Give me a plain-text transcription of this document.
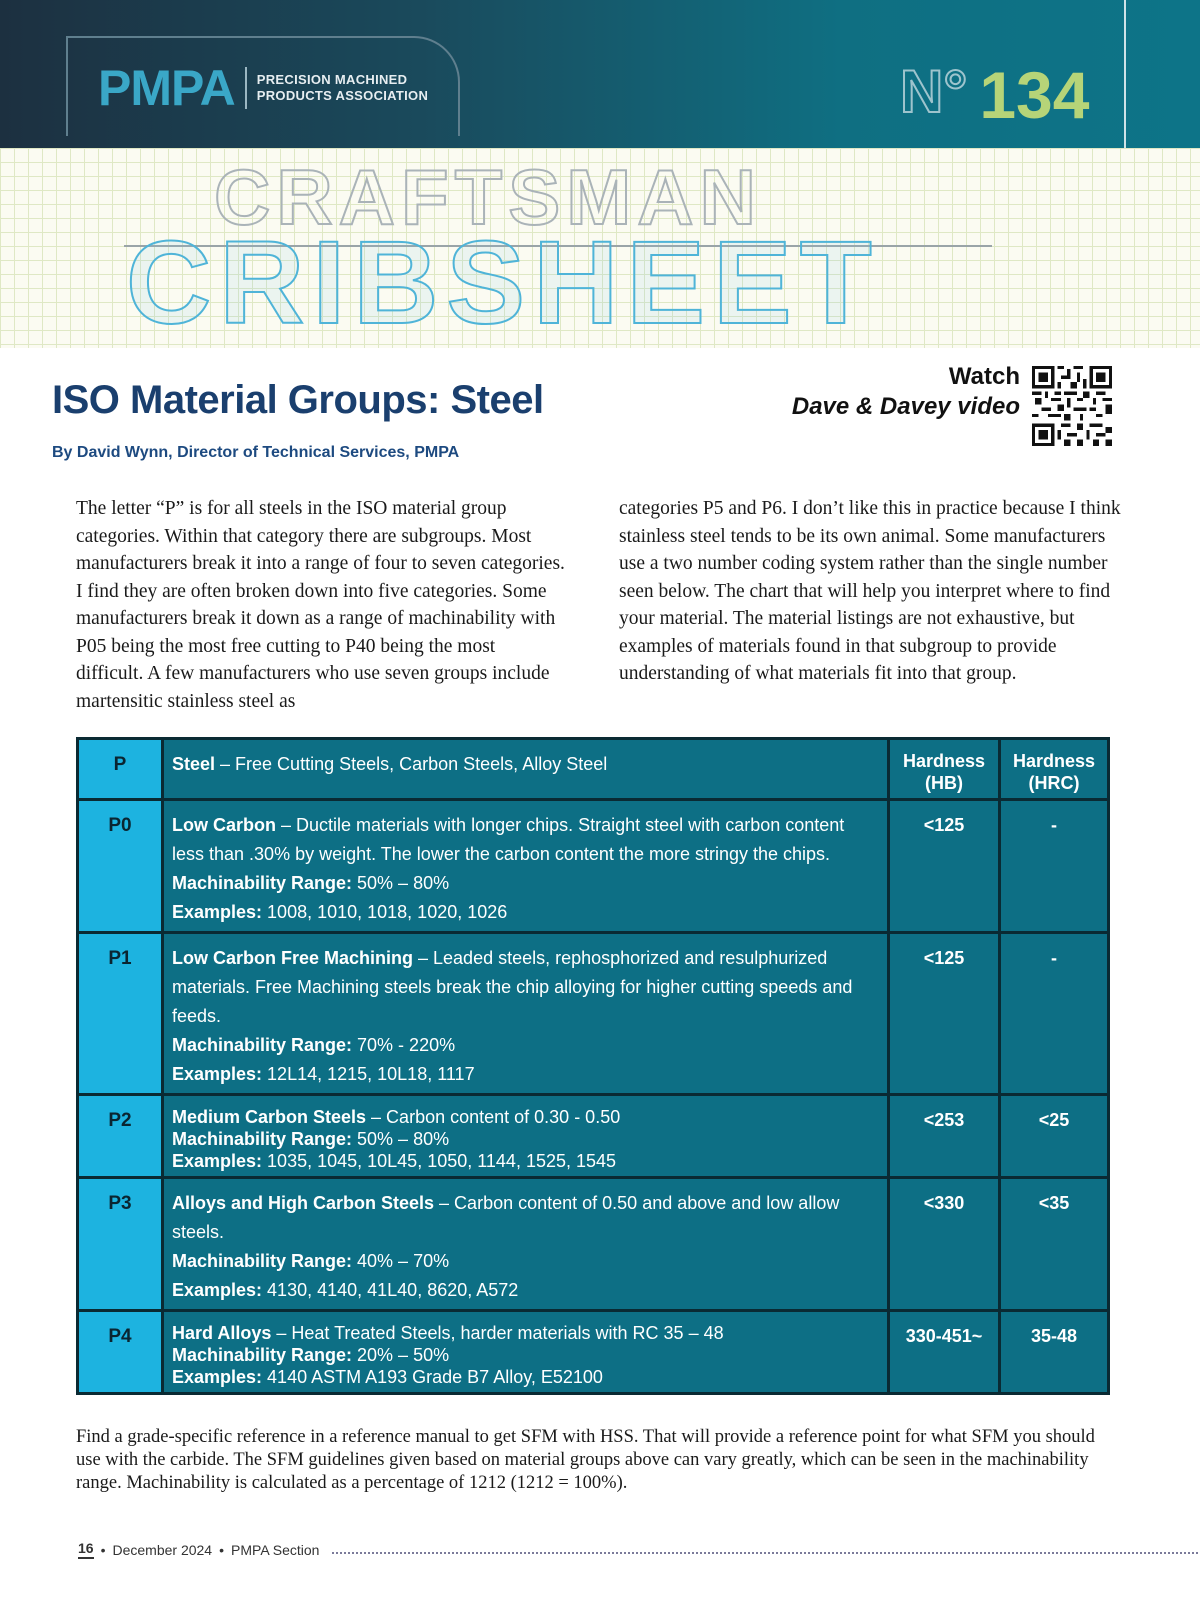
PMPA PRECISION MACHINED
PRODUCTS ASSOCIATION	N° 134
CRAFTSMAN
CRIBSHEET
ISO Material Groups: Steel
By David Wynn, Director of Technical Services, PMPA
Watch
Dave & Davey video
The letter “P” is for all steels in the ISO material group categories. Within that category there are subgroups. Most manufacturers break it into a range of four to seven categories. I find they are often broken down into five categories. Some manufacturers break it down as a range of machinability with P05 being the most free cutting to P40 being the most difficult. A few manufacturers who use seven groups include martensitic stainless steel as
categories P5 and P6. I don’t like this in practice because I think stainless steel tends to be its own animal. Some manufacturers use a two number coding system rather than the single number seen below. The chart that will help you interpret where to find your material. The material listings are not exhaustive, but examples of materials found in that subgroup to provide understanding of what materials fit into that group.
P	Steel – Free Cutting Steels, Carbon Steels, Alloy Steel	Hardness (HB)	Hardness (HRC)

P0	Low Carbon – Ductile materials with longer chips. Straight steel with carbon content less than .30% by weight. The lower the carbon content the more stringy the chips.
Machinability Range: 50% – 80%
Examples: 1008, 1010, 1018, 1020, 1026	<125	-

P1	Low Carbon Free Machining – Leaded steels, rephosphorized and resulphurized materials. Free Machining steels break the chip alloying for higher cutting speeds and feeds.
Machinability Range: 70% - 220%
Examples: 12L14, 1215, 10L18, 1117	<125	-

P2	Medium Carbon Steels – Carbon content of 0.30 - 0.50
Machinability Range: 50% – 80%
Examples: 1035, 1045, 10L45, 1050, 1144, 1525, 1545	<253	<25

P3	Alloys and High Carbon Steels – Carbon content of 0.50 and above and low allow steels.
Machinability Range: 40% – 70%
Examples: 4130, 4140, 41L40, 8620, A572	<330	<35

P4	Hard Alloys – Heat Treated Steels, harder materials with RC 35 – 48
Machinability Range: 20% – 50%
Examples: 4140 ASTM A193 Grade B7 Alloy, E52100	330-451~	35-48
Find a grade-specific reference in a reference manual to get SFM with HSS. That will provide a reference point for what SFM you should use with the carbide. The SFM guidelines given based on material groups above can vary greatly, which can be seen in the machinability range. Machinability is calculated as a percentage of 1212 (1212 = 100%).
16 • December 2024 • PMPA Section
